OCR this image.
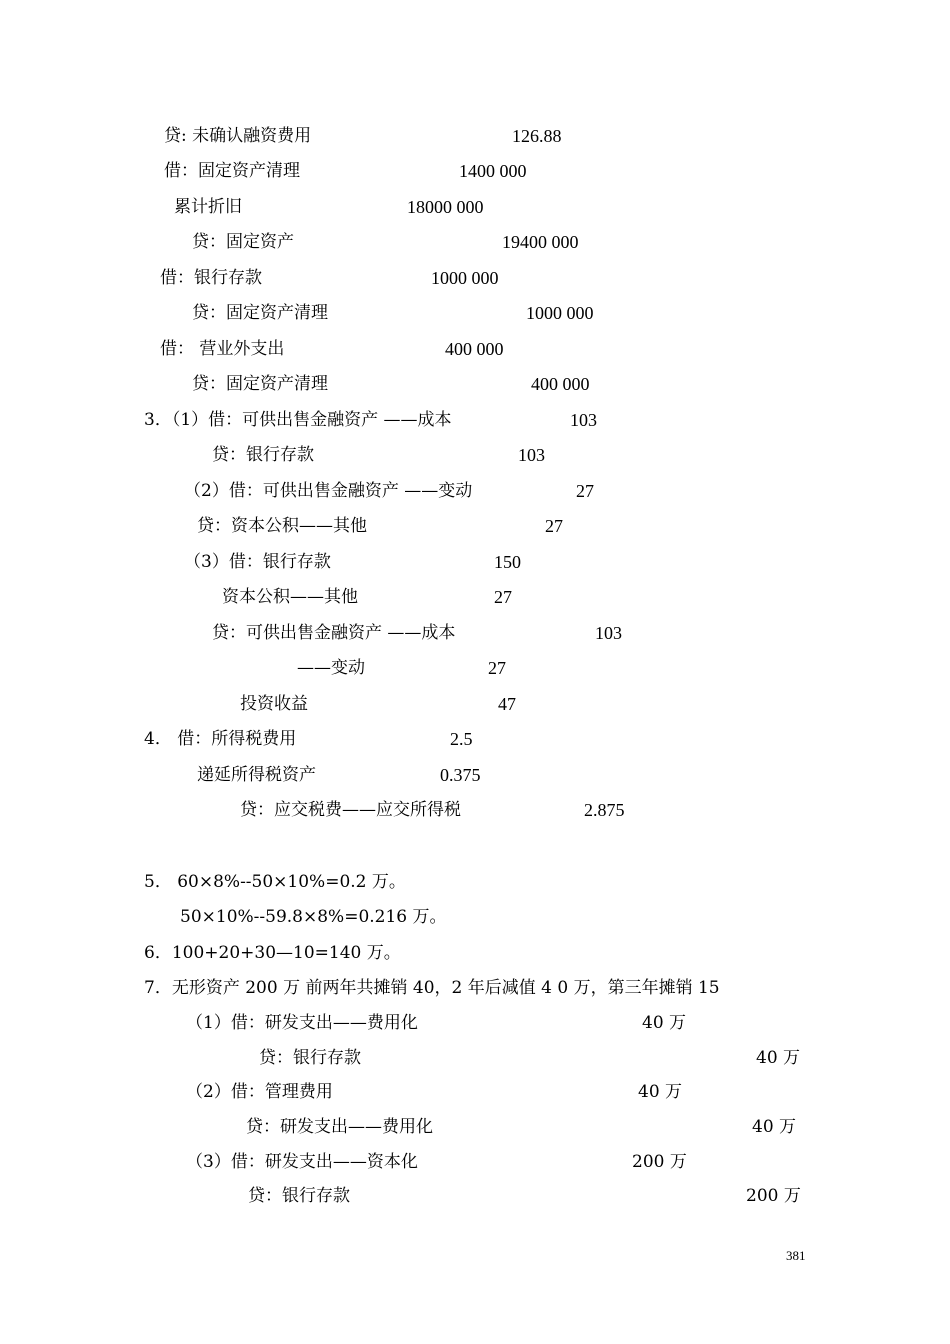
贷: 未确认融资费用	126.88
借：固定资产清理	1400 000
累计折旧	18000 000
贷：固定资产	19400 000
借：银行存款	1000 000
贷：固定资产清理	1000 000
借： 营业外支出	400 000
贷：固定资产清理	400 000
3．（1）借：可供出售金融资产 ——成本	103
贷：银行存款	103
（2）借：可供出售金融资产 ——变动	27
贷：资本公积——其他	27
（3）借：银行存款	150
资本公积——其他	27
贷：可供出售金融资产 ——成本	103
——变动	27
投资收益	47
4． 借：所得税费用	2.5
递延所得税资产	0.375
贷：应交税费——应交所得税	2.875
5． 60×8%--50×10%=0.2 万。
50×10%--59.8×8%=0.216 万。
6．100+20+30—10=140 万。
7．无形资产 200 万 前两年共摊销 40，2 年后减值 4 0 万，第三年摊销 15
（1）借：研发支出——费用化	40 万
贷：银行存款	40 万
（2）借：管理费用	40 万
贷：研发支出——费用化	40 万
（3）借：研发支出——资本化	200 万
贷：银行存款	200 万
381
